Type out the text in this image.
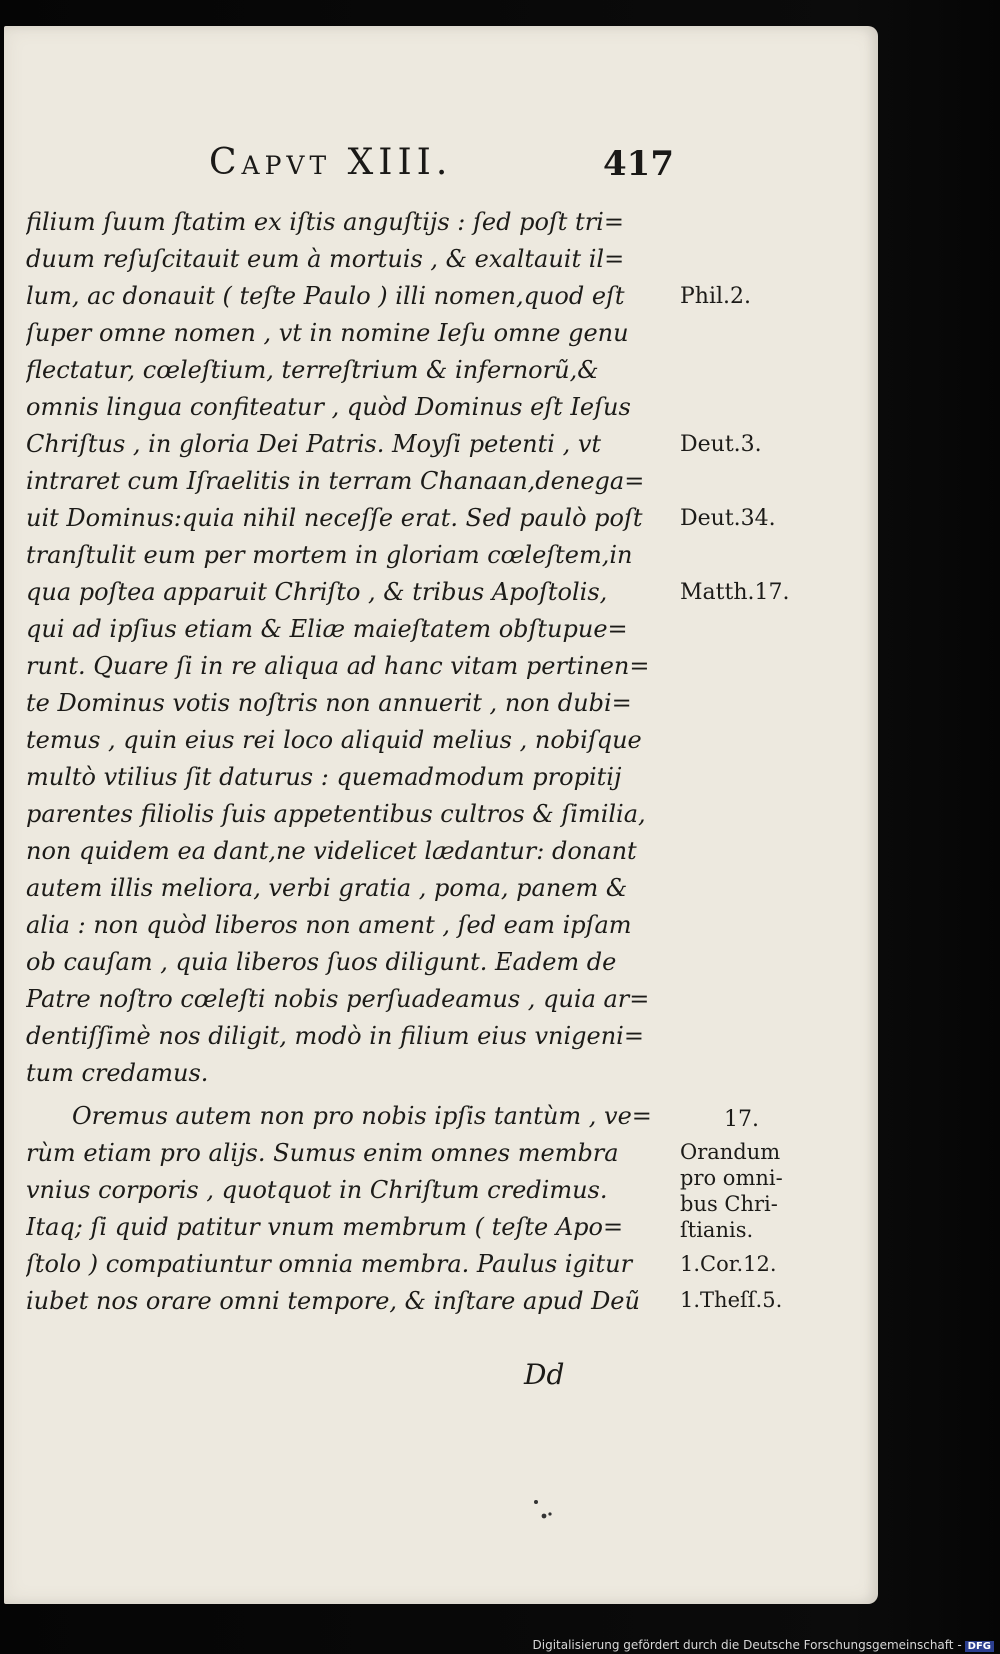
Capvt XIII.	417
filium ſuum ſtatim ex iſtis anguſtijs : ſed poſt tri=
duum reſuſcitauit eum à mortuis , & exaltauit il=
lum, ac donauit ( teſte Paulo ) illi nomen,quod eſt
ſuper omne nomen , vt in nomine Ieſu omne genu
flectatur, cœleſtium, terreſtrium & infernorũ,&
omnis lingua confiteatur , quòd Dominus eſt Ieſus
Chriſtus , in gloria Dei Patris. Moyſi petenti , vt
intraret cum Iſraelitis in terram Chanaan,denega=
uit Dominus:quia nihil neceſſe erat. Sed paulò poſt
tranſtulit eum per mortem in gloriam cœleſtem,in
qua poſtea apparuit Chriſto , & tribus Apoſtolis,
qui ad ipſius etiam & Eliæ maieſtatem obſtupue=
runt. Quare ſi in re aliqua ad hanc vitam pertinen=
te Dominus votis noſtris non annuerit , non dubi=
temus , quin eius rei loco aliquid melius , nobiſque
multò vtilius ſit daturus : quemadmodum propitij
parentes filiolis ſuis appetentibus cultros & ſimilia,
non quidem ea dant,ne videlicet lædantur: donant
autem illis meliora, verbi gratia , poma, panem &
alia : non quòd liberos non ament , ſed eam ipſam
ob cauſam , quia liberos ſuos diligunt. Eadem de
Patre noſtro cœleſti nobis perſuadeamus , quia ar=
dentiſſimè nos diligit, modò in filium eius vnigeni=
tum credamus.
Oremus autem non pro nobis ipſis tantùm , ve=
rùm etiam pro alijs. Sumus enim omnes membra
vnius corporis , quotquot in Chriſtum credimus.
Itaq; ſi quid patitur vnum membrum ( teſte Apo=
ſtolo ) compatiuntur omnia membra. Paulus igitur
iubet nos orare omni tempore, & inſtare apud Deũ
Phil.2.
Deut.3.
Deut.34.
Matth.17.
17.
Orandum
pro omni-
bus Chri-
ſtianis.
1.Cor.12.
1.Theſſ.5.
Dd
Digitalisierung gefördert durch die Deutsche Forschungsgemeinschaft - DFG
